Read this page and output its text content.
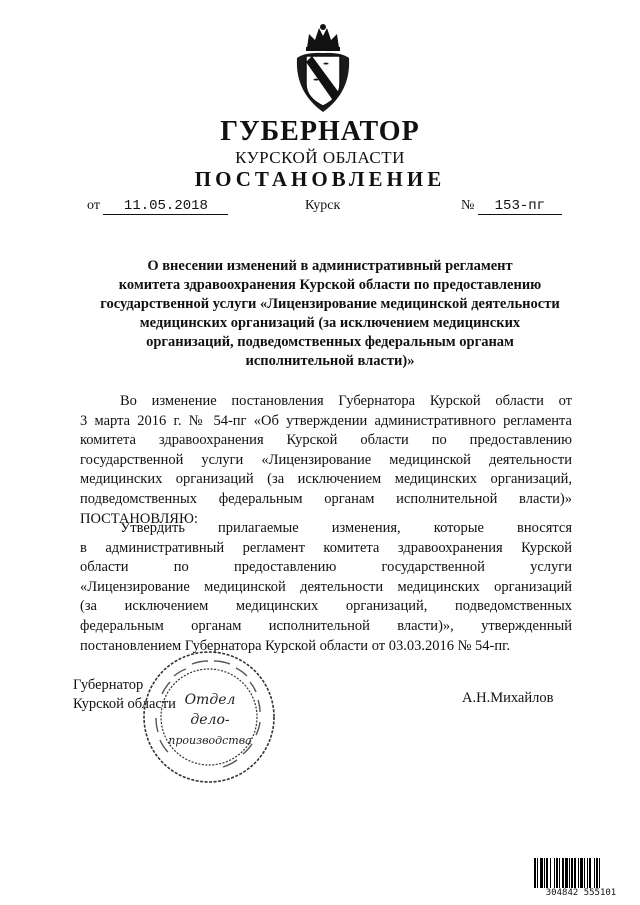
ГУБЕРНАТОР
КУРСКОЙ ОБЛАСТИ
ПОСТАНОВЛЕНИЕ
от 11.05.2018	Курск	№ 153-пг
О внесении изменений в административный регламент
комитета здравоохранения Курской области по предоставлению
государственной услуги «Лицензирование медицинской деятельности
медицинских организаций (за исключением медицинских
организаций, подведомственных федеральным органам
исполнительной власти)»
Во изменение постановления Губернатора Курской области от
3 марта 2016 г. № 54-пг «Об утверждении административного регламента
комитета здравоохранения Курской области по предоставлению
государственной услуги «Лицензирование медицинской деятельности
медицинских организаций (за исключением медицинских организаций,
подведомственных федеральным органам исполнительной власти)»
ПОСТАНОВЛЯЮ:
Утвердить прилагаемые изменения, которые вносятся
в административный регламент комитета здравоохранения Курской
области по предоставлению государственной услуги
«Лицензирование медицинской деятельности медицинских организаций
(за исключением медицинских организаций, подведомственных
федеральным органам исполнительной власти)», утвержденный
постановлением Губернатора Курской области от 03.03.2016 № 54-пг.
Губернатор
Курской области	А.Н.Михайлов
Отдел
дело-
производства
304842 555101
